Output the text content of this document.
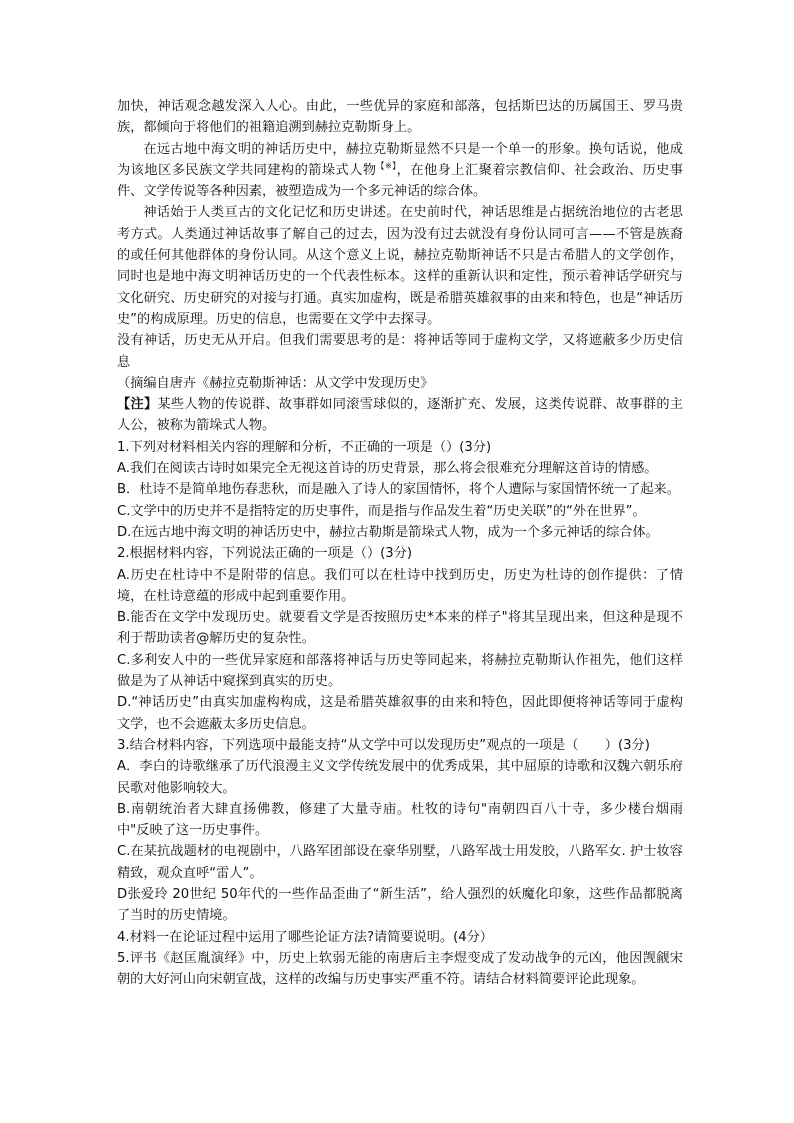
加快，神话观念越发深入人心。由此，一些优异的家庭和部落，包括斯巴达的历属国王、罗马贵族，都倾向于将他们的祖籍追溯到赫拉克勒斯身上。

在远古地中海文明的神话历史中，赫拉克勒斯显然不只是一个单一的形象。换句话说，他成为该地区多民族文学共同建构的箭垛式人物【※】，在他身上汇聚着宗教信仰、社会政治、历史事件、文学传说等各种因素，被塑造成为一个多元神话的综合体。

神话始于人类亘古的文化记忆和历史讲述。在史前时代，神话思维是占据统治地位的古老思考方式。人类通过神话故事了解自己的过去，因为没有过去就没有身份认同可言——不管是族裔的或任何其他群体的身份认同。从这个意义上说，赫拉克勒斯神话不只是古希腊人的文学创作，同时也是地中海文明神话历史的一个代表性标本。这样的重新认识和定性，预示着神话学研究与文化研究、历史研究的对接与打通。真实加虚构，既是希腊英雄叙事的由来和特色，也是“神话历史”的构成原理。历史的信息，也需要在文学中去探寻。

没有神话，历史无从开启。但我们需要思考的是：将神话等同于虚构文学，又将遮蔽多少历史信息

（摘编自唐卉《赫拉克勒斯神话：从文学中发现历史》

【注】某些人物的传说群、故事群如同滚雪球似的，逐渐扩充、发展，这类传说群、故事群的主人公，被称为箭垛式人物。

1.下列对材料相关内容的理解和分析，不正确的一项是（）(3分)

A.我们在阅读古诗时如果完全无视这首诗的历史背景，那么将会很难充分理解这首诗的情感。

B．杜诗不是简单地伤春悲秋，而是融入了诗人的家国情怀，将个人遭际与家国情怀统一了起来。

C.文学中的历史并不是指特定的历史事件，而是指与作品发生着“历史关联”的“外在世界”。

D.在远古地中海文明的神话历史中，赫拉古勒斯是箭垛式人物，成为一个多元神话的综合体。

2.根据材料内容，下列说法正确的一项是（）(3分)

A.历史在杜诗中不是附带的信息。我们可以在杜诗中找到历史，历史为杜诗的创作提供：了情境，在杜诗意蕴的形成中起到重要作用。

B.能否在文学中发现历史。就要看文学是否按照历史*本来的样子"将其呈现出来，但这种是现不利于帮助读者@解历史的复杂性。

C.多利安人中的一些优异家庭和部落将神话与历史等同起来，将赫拉克勒斯认作祖先，他们这样做是为了从神话中窥探到真实的历史。

D.“神话历史”由真实加虚构构成，这是希腊英雄叙事的由来和特色，因此即便将神话等同于虚构文学，也不会遮蔽太多历史信息。

3.结合材料内容，下列选项中最能支持“从文学中可以发现历史”观点的一项是（　　）(3分)

A．李白的诗歌继承了历代浪漫主义文学传统发展中的优秀成果，其中屈原的诗歌和汉魏六朝乐府民歌对他影响较大。

B.南朝统治者大肆直扬佛教，修建了大量寺庙。杜牧的诗句"南朝四百八十寺，多少楼台烟雨中"反映了这一历史事件。

C.在某抗战题材的电视剧中，八路军团部设在豪华别墅，八路军战士用发胶，八路军女. 护士妆容精致，观众直呼“雷人”。

D张爱玲 20世纪 50年代的一些作品歪曲了“新生活”，给人强烈的妖魔化印象，这些作品都脱离了当时的历史情境。

4.材料一在论证过程中运用了哪些论证方法?请简要说明。(4分）

5.评书《赵匡胤演绎》中，历史上软弱无能的南唐后主李煜变成了发动战争的元凶，他因觊觎宋朝的大好河山向宋朝宣战，这样的改编与历史事实严重不符。请结合材料简要评论此现象。
